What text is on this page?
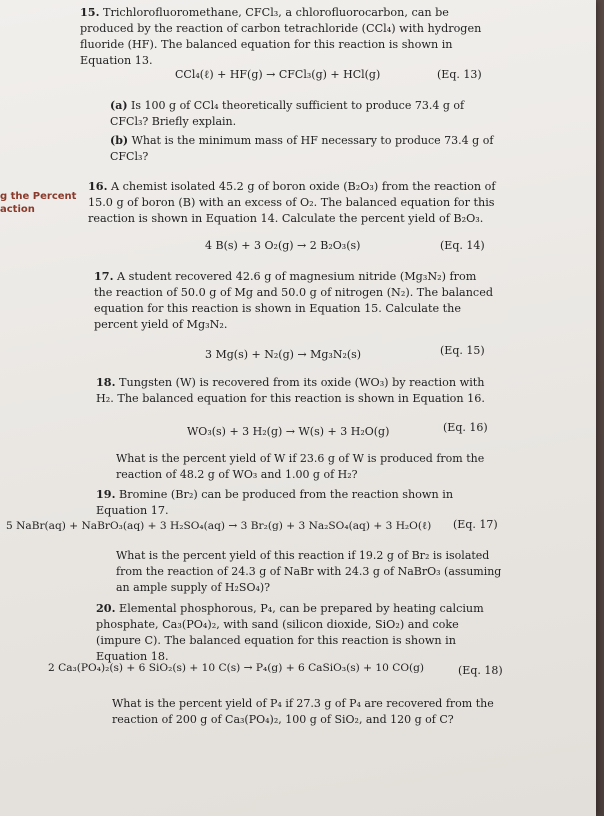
g the Percent
action
15. Trichlorofluoromethane, CFCl₃, a chlorofluorocarbon, can be produced by the reaction of carbon tetrachloride (CCl₄) with hydrogen fluoride (HF). The balanced equation for this reaction is shown in Equation 13.
CCl₄(ℓ) + HF(g) → CFCl₃(g) + HCl(g)	(Eq. 13)
(a) Is 100 g of CCl₄ theoretically sufficient to produce 73.4 g of CFCl₃? Briefly explain.
(b) What is the minimum mass of HF necessary to produce 73.4 g of CFCl₃?
16. A chemist isolated 45.2 g of boron oxide (B₂O₃) from the reaction of 15.0 g of boron (B) with an excess of O₂. The balanced equation for this reaction is shown in Equation 14. Calculate the percent yield of B₂O₃.
4 B(s) + 3 O₂(g) → 2 B₂O₃(s)	(Eq. 14)
17. A student recovered 42.6 g of magnesium nitride (Mg₃N₂) from the reaction of 50.0 g of Mg and 50.0 g of nitrogen (N₂). The balanced equation for this reaction is shown in Equation 15. Calculate the percent yield of Mg₃N₂.
3 Mg(s) + N₂(g) → Mg₃N₂(s)	(Eq. 15)
18. Tungsten (W) is recovered from its oxide (WO₃) by reaction with H₂. The balanced equation for this reaction is shown in Equation 16.
WO₃(s) + 3 H₂(g) → W(s) + 3 H₂O(g)	(Eq. 16)
What is the percent yield of W if 23.6 g of W is produced from the reaction of 48.2 g of WO₃ and 1.00 g of H₂?
19. Bromine (Br₂) can be produced from the reaction shown in Equation 17.
5 NaBr(aq) + NaBrO₃(aq) + 3 H₂SO₄(aq) → 3 Br₂(g) + 3 Na₂SO₄(aq) + 3 H₂O(ℓ) (Eq. 17)
What is the percent yield of this reaction if 19.2 g of Br₂ is isolated from the reaction of 24.3 g of NaBr with 24.3 g of NaBrO₃ (assuming an ample supply of H₂SO₄)?
20. Elemental phosphorous, P₄, can be prepared by heating calcium phosphate, Ca₃(PO₄)₂, with sand (silicon dioxide, SiO₂) and coke (impure C). The balanced equation for this reaction is shown in Equation 18.
2 Ca₃(PO₄)₂(s) + 6 SiO₂(s) + 10 C(s) → P₄(g) + 6 CaSiO₃(s) + 10 CO(g)	(Eq. 18)
What is the percent yield of P₄ if 27.3 g of P₄ are recovered from the reaction of 200 g of Ca₃(PO₄)₂, 100 g of SiO₂, and 120 g of C?
